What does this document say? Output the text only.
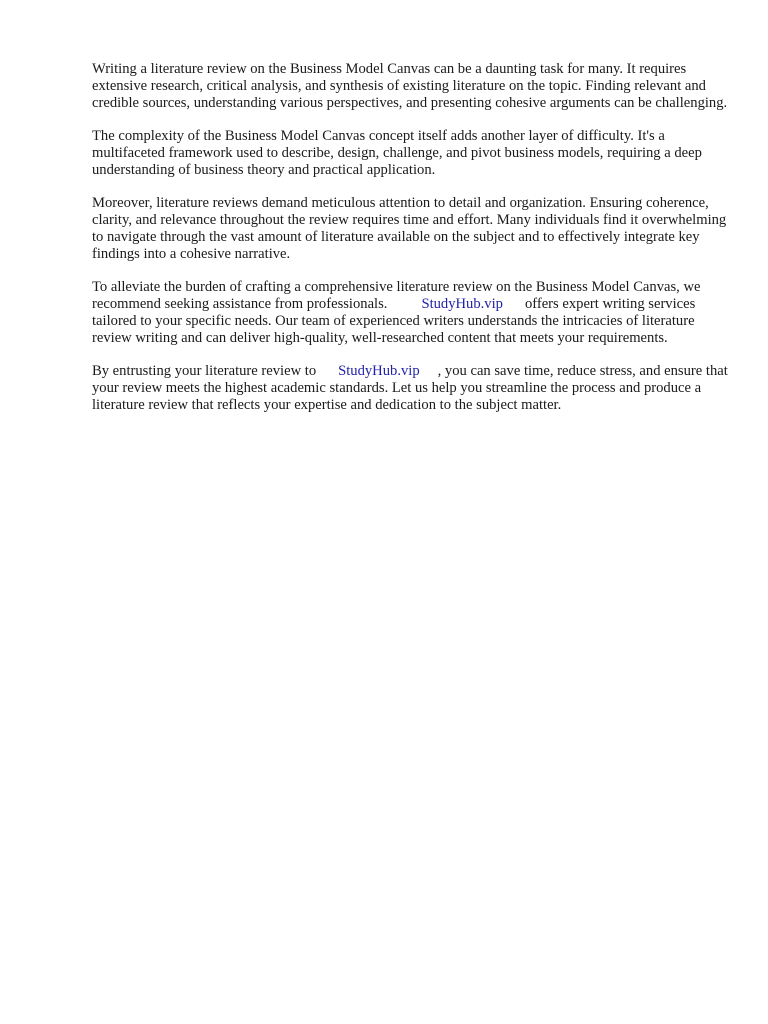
Writing a literature review on the Business Model Canvas can be a daunting task for many. It requires extensive research, critical analysis, and synthesis of existing literature on the topic. Finding relevant and credible sources, understanding various perspectives, and presenting cohesive arguments can be challenging.

The complexity of the Business Model Canvas concept itself adds another layer of difficulty. It's a multifaceted framework used to describe, design, challenge, and pivot business models, requiring a deep understanding of business theory and practical application.

Moreover, literature reviews demand meticulous attention to detail and organization. Ensuring coherence, clarity, and relevance throughout the review requires time and effort. Many individuals find it overwhelming to navigate through the vast amount of literature available on the subject and to effectively integrate key findings into a cohesive narrative.

To alleviate the burden of crafting a comprehensive literature review on the Business Model Canvas, we recommend seeking assistance from professionals. StudyHub.vip offers expert writing services tailored to your specific needs. Our team of experienced writers understands the intricacies of literature review writing and can deliver high-quality, well-researched content that meets your requirements.

By entrusting your literature review to StudyHub.vip , you can save time, reduce stress, and ensure that your review meets the highest academic standards. Let us help you streamline the process and produce a literature review that reflects your expertise and dedication to the subject matter.
